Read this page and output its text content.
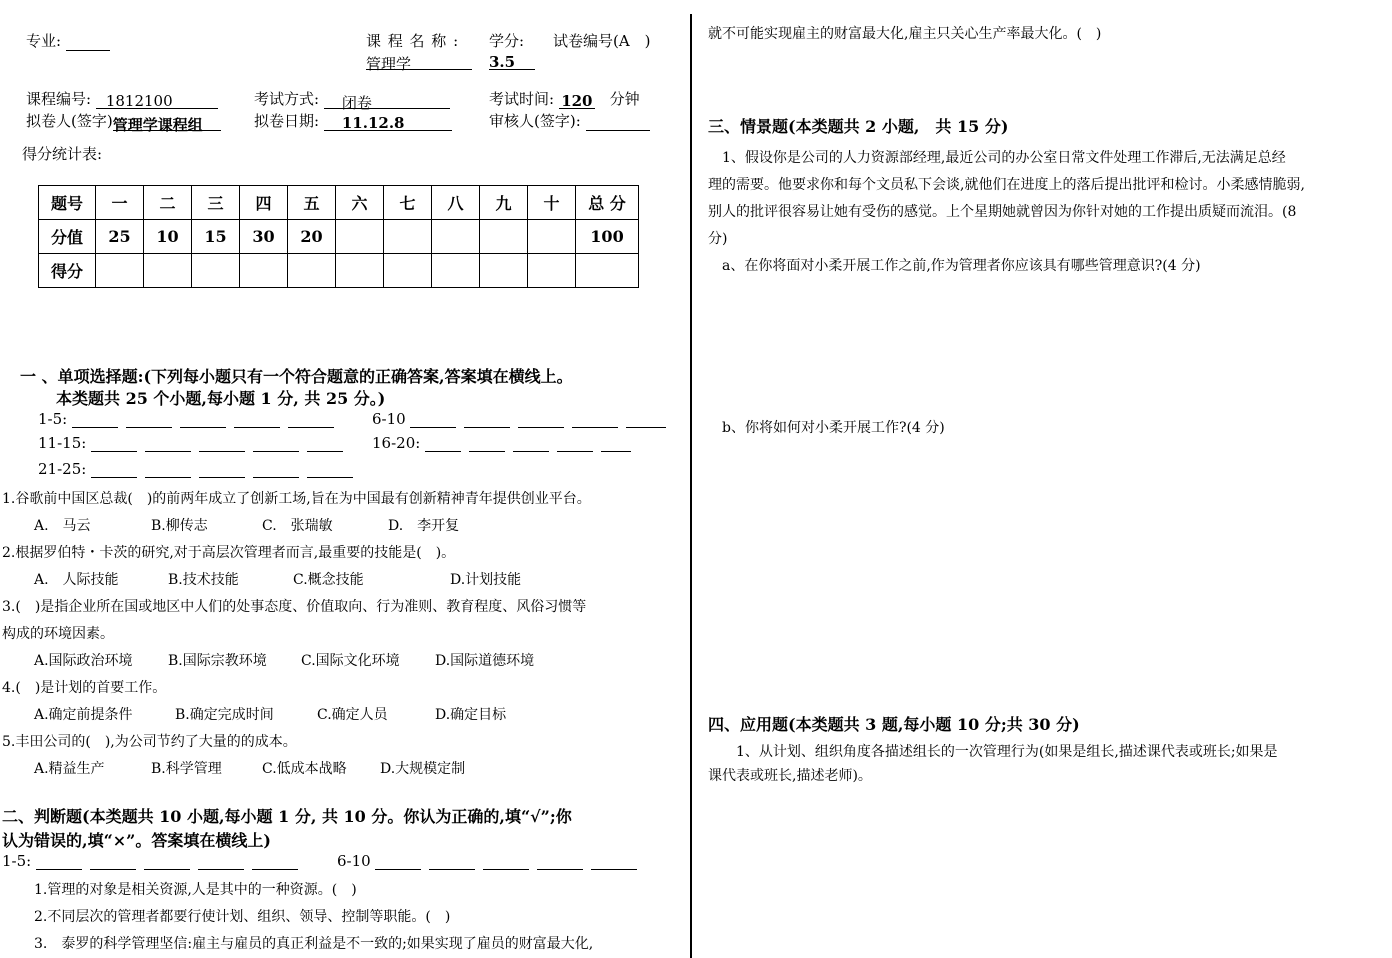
专业:	课 程 名 称 :
管理学
学分:
3.5
试卷编号(A　)
课程编号: 1812100	考试方式: 闭卷	考试时间: 120 分钟
拟卷人(签字)管理学课程组	拟卷日期: 11.12.8	审核人(签字):
得分统计表:
题号	一	二	三	四	五	六	七	八	九	十	总 分
分值	25	10	15	30	20						100
得分											
一 、单项选择题:(下列每小题只有一个符合题意的正确答案,答案填在横线上。
本类题共 25 个小题,每小题 1 分, 共 25 分。)
1-5:	6-10
11-15:	16-20:
21-25:
1.谷歌前中国区总裁(　)的前两年成立了创新工场,旨在为中国最有创新精神青年提供创业平台。
A.　马云	B.柳传志	C.　张瑞敏	D.　李开复
2.根据罗伯特・卡茨的研究,对于高层次管理者而言,最重要的技能是(　)。
A.　人际技能	B.技术技能	C.概念技能	D.计划技能
3.(　)是指企业所在国或地区中人们的处事态度、价值取向、行为准则、教育程度、风俗习惯等
构成的环境因素。
A.国际政治环境	B.国际宗教环境 C.国际文化环境	D.国际道德环境
4.(　)是计划的首要工作。
A.确定前提条件	B.确定完成时间	C.确定人员	D.确定目标
5.丰田公司的(　),为公司节约了大量的的成本。
A.精益生产	B.科学管理	C.低成本战略 D.大规模定制
二、判断题(本类题共 10 小题,每小题 1 分, 共 10 分。你认为正确的,填“√”;你
认为错误的,填“×”。答案填在横线上)
1-5:	6-10
1.管理的对象是相关资源,人是其中的一种资源。(　)
2.不同层次的管理者都要行使计划、组织、领导、控制等职能。(　)
3.　泰罗的科学管理坚信:雇主与雇员的真正利益是不一致的;如果实现了雇员的财富最大化,
就不可能实现雇主的财富最大化,雇主只关心生产率最大化。(　)
三、情景题(本类题共 2 小题,　共 15 分)
　1、假设你是公司的人力资源部经理,最近公司的办公室日常文件处理工作滞后,无法满足总经
理的需要。他要求你和每个文员私下会谈,就他们在进度上的落后提出批评和检讨。小柔感情脆弱,
别人的批评很容易让她有受伤的感觉。上个星期她就曾因为你针对她的工作提出质疑而流泪。(8
分)
a、在你将面对小柔开展工作之前,作为管理者你应该具有哪些管理意识?(4 分)
b、你将如何对小柔开展工作?(4 分)
四、应用题(本类题共 3 题,每小题 10 分;共 30 分)
　　1、从计划、组织角度各描述组长的一次管理行为(如果是组长,描述课代表或班长;如果是
课代表或班长,描述老师)。
